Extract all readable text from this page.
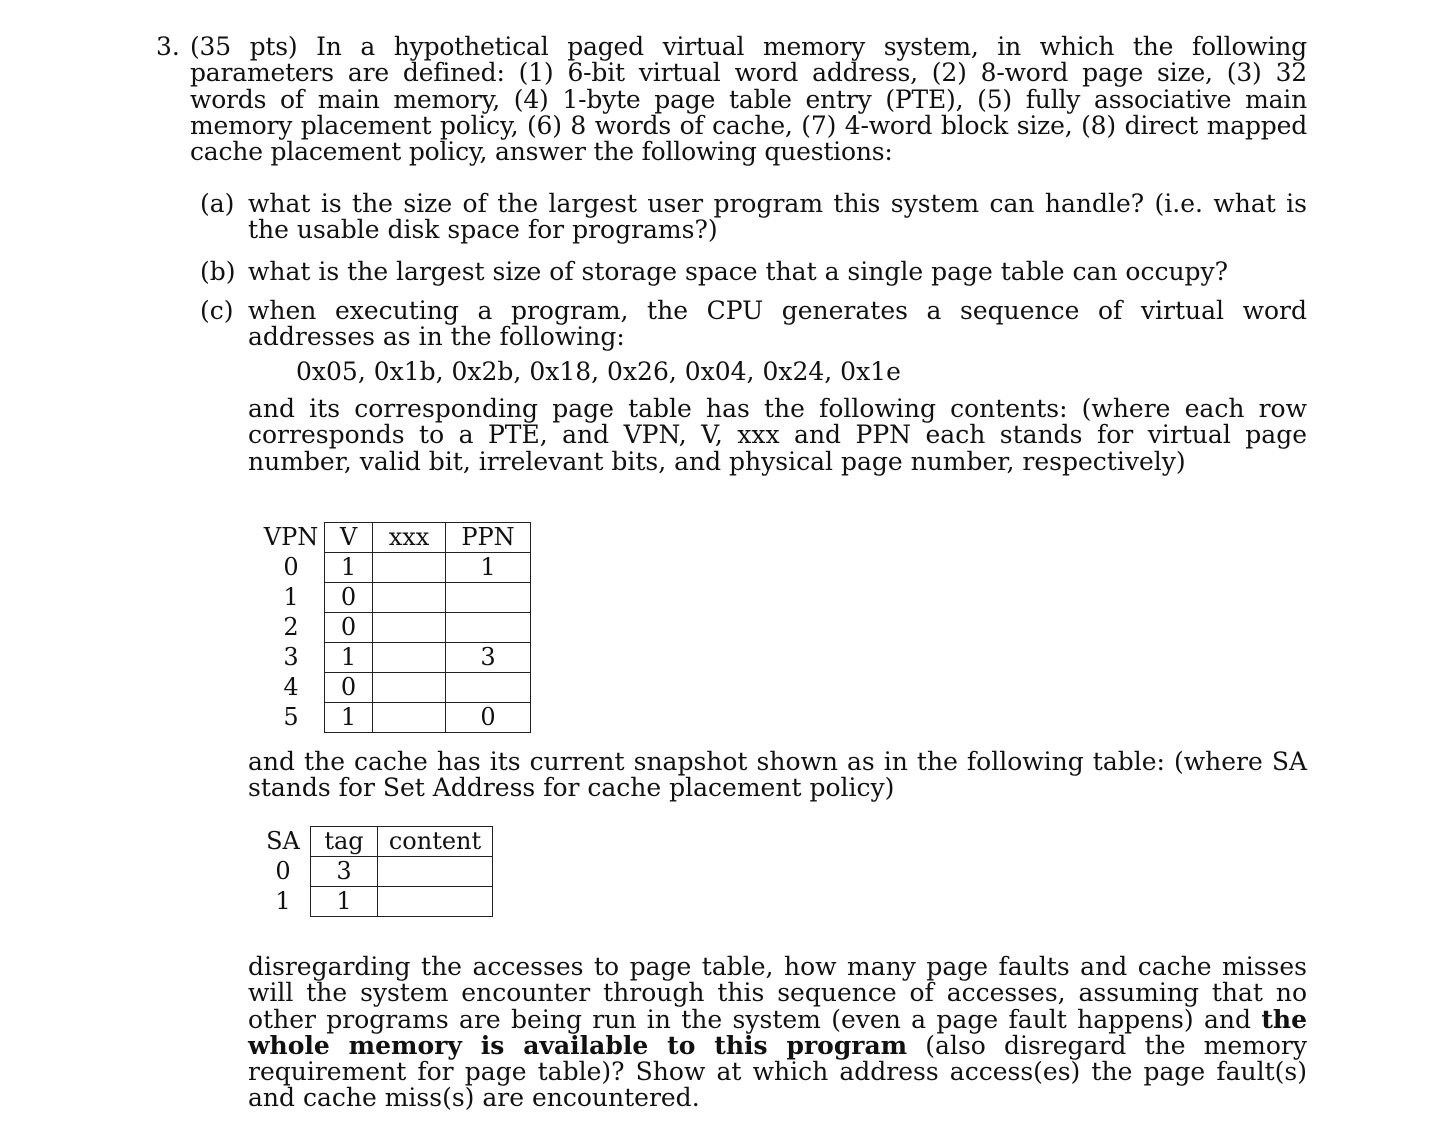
3. (35 pts) In a hypothetical paged virtual memory system, in which the following parameters are defined: (1) 6-bit virtual word address, (2) 8-word page size, (3) 32 words of main memory, (4) 1-byte page table entry (PTE), (5) fully associative main memory placement policy, (6) 8 words of cache, (7) 4-word block size, (8) direct mapped cache placement policy, answer the following questions:
(a) what is the size of the largest user program this system can handle? (i.e. what is the usable disk space for programs?)
(b) what is the largest size of storage space that a single page table can occupy?
(c) when executing a program, the CPU generates a sequence of virtual word addresses as in the following:
0x05, 0x1b, 0x2b, 0x18, 0x26, 0x04, 0x24, 0x1e
and its corresponding page table has the following contents: (where each row corresponds to a PTE, and VPN, V, xxx and PPN each stands for virtual page number, valid bit, irrelevant bits, and physical page number, respectively)
VPN	V	xxx	PPN
0	1		1
1	0		
2	0		
3	1		3
4	0		
5	1		0
and the cache has its current snapshot shown as in the following table: (where SA stands for Set Address for cache placement policy)
SA	tag	content
0	3	
1	1	
disregarding the accesses to page table, how many page faults and cache misses will the system encounter through this sequence of accesses, assuming that no other programs are being run in the system (even a page fault happens) and the whole memory is available to this program (also disregard the memory requirement for page table)? Show at which address access(es) the page fault(s) and cache miss(s) are encountered.
